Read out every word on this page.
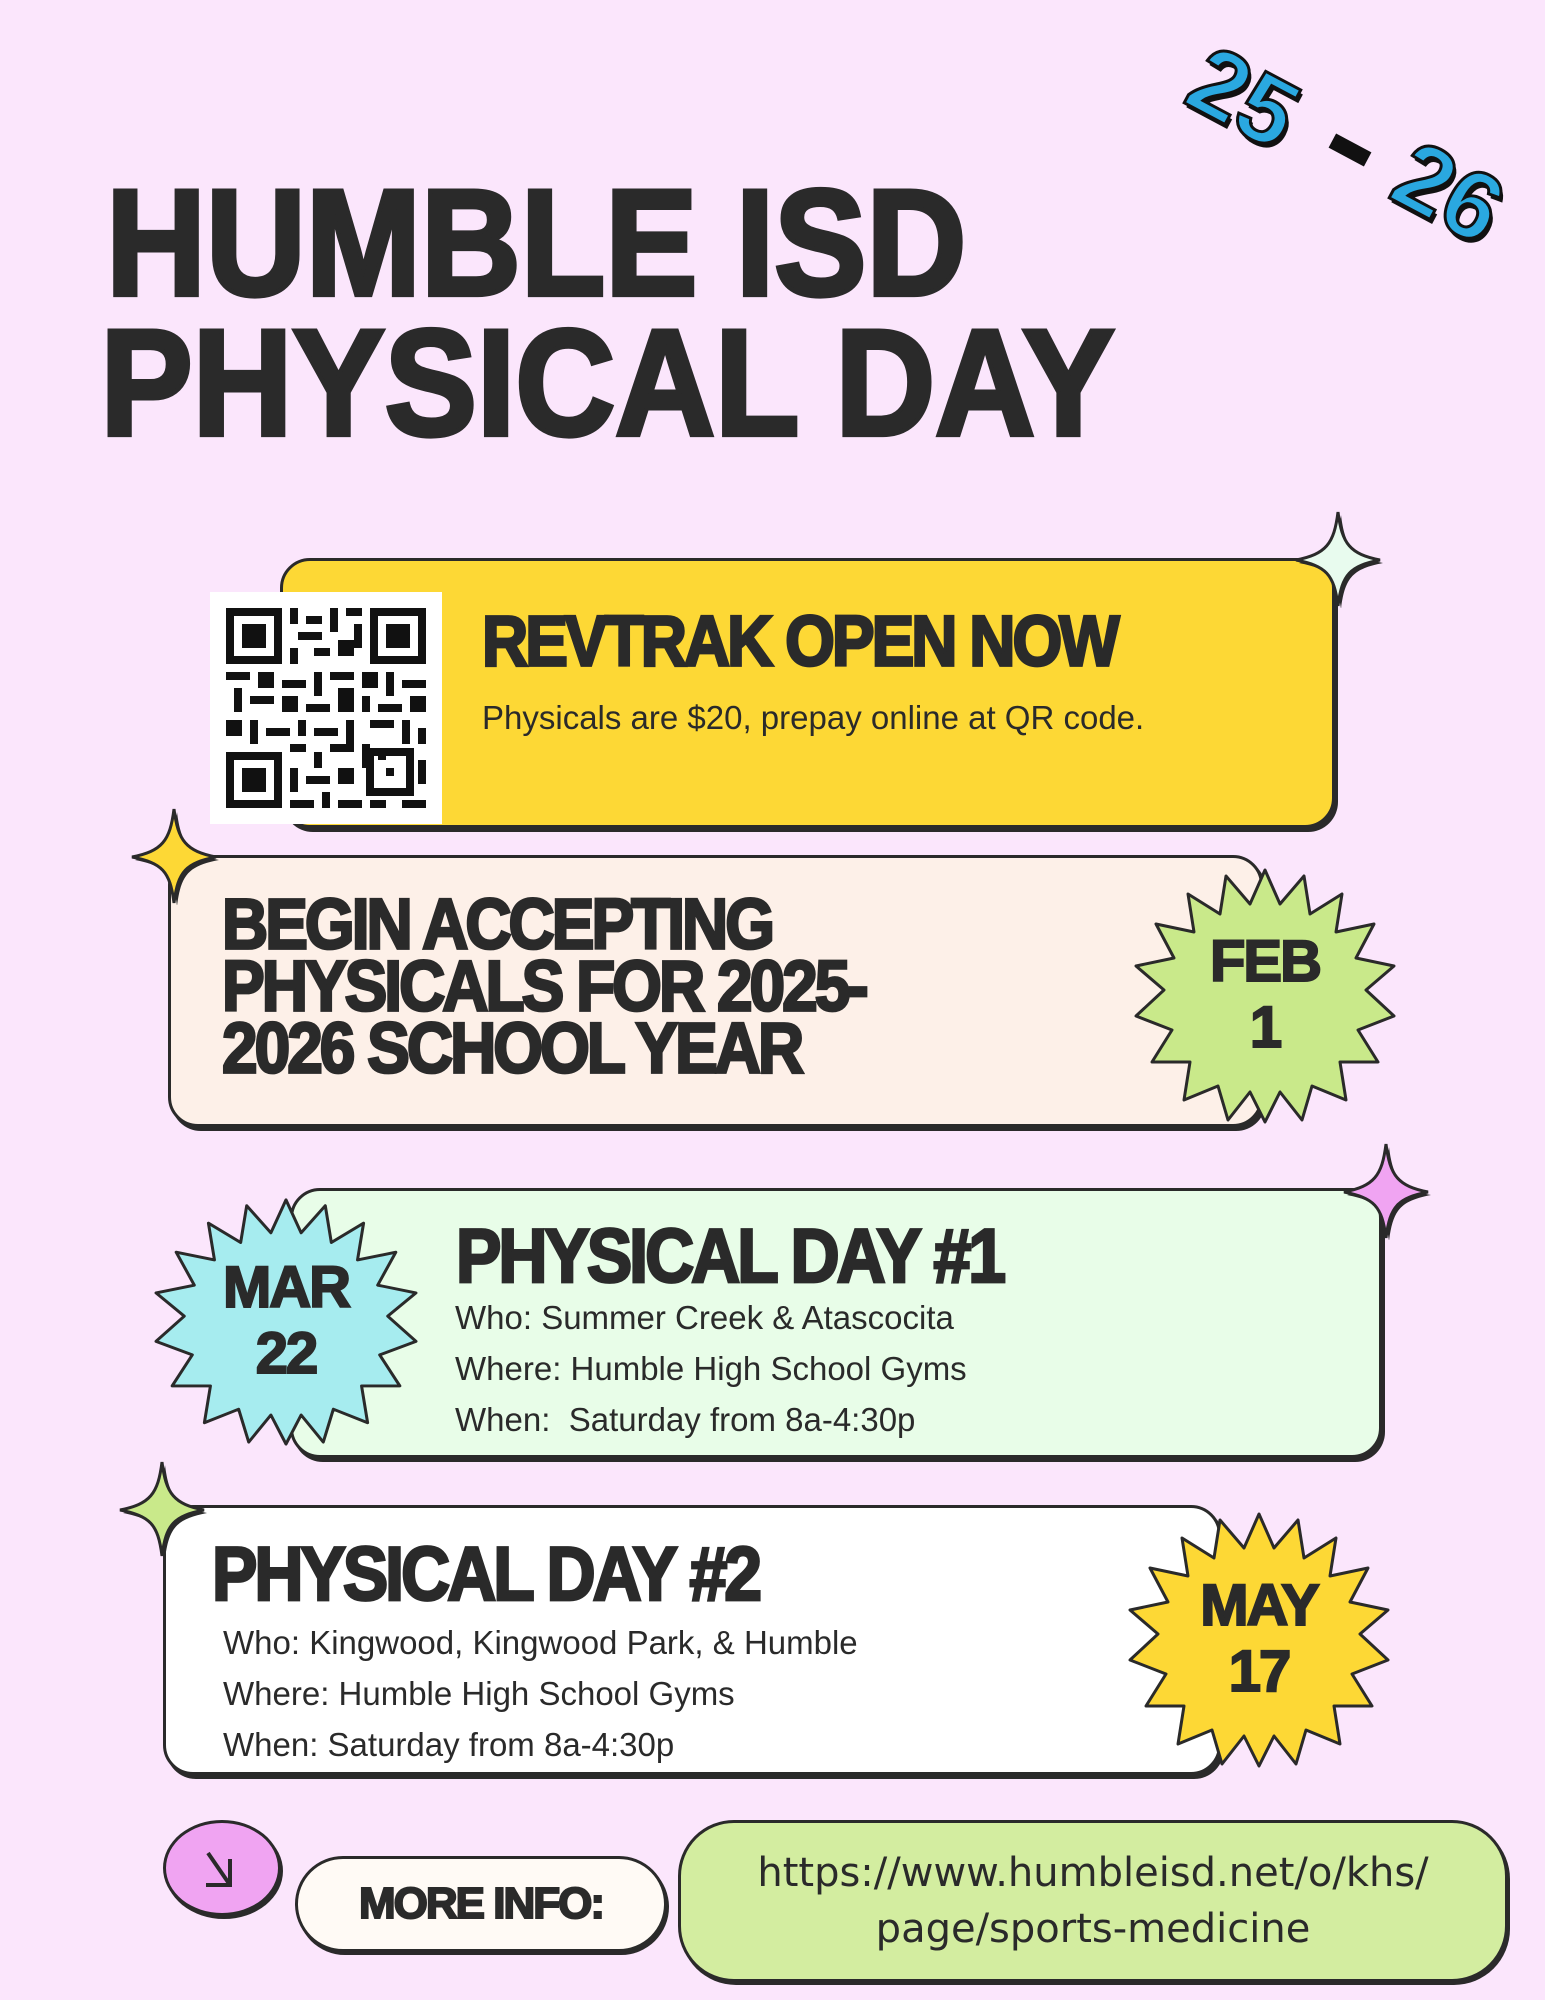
25
26
HUMBLE ISD
PHYSICAL DAY
REVTRAK OPEN NOW
Physicals are $20, prepay online at QR code.
BEGIN ACCEPTING
PHYSICALS FOR 2025-
2026 SCHOOL YEAR
FEB
1
MAR
22
PHYSICAL DAY #1
Who: Summer Creek & Atascocita
Where: Humble High School Gyms
When:  Saturday from 8a-4:30p
PHYSICAL DAY #2
Who: Kingwood, Kingwood Park, & Humble
Where: Humble High School Gyms
When: Saturday from 8a-4:30p
MAY
17
MORE INFO:
https://www.humbleisd.net/o/khs/
page/sports-medicine
